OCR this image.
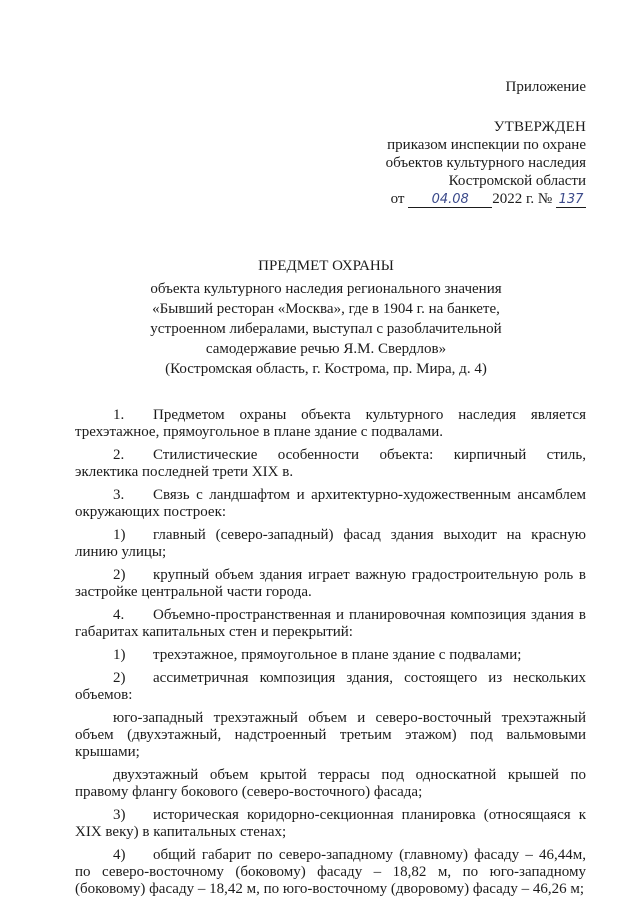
Приложение
УТВЕРЖДЕН
приказом инспекции по охране
объектов культурного наследия
Костромской области
от 04.08 2022 г. № 137
ПРЕДМЕТ ОХРАНЫ
объекта культурного наследия регионального значения
«Бывший ресторан «Москва», где в 1904 г. на банкете,
устроенном либералами, выступал с разоблачительной
самодержавие речью Я.М. Свердлов»
(Костромская область, г. Кострома, пр. Мира, д. 4)

1. Предметом охраны объекта культурного наследия является трехэтажное, прямоугольное в плане здание с подвалами.

2. Стилистические особенности объекта: кирпичный стиль, эклектика последней трети XIX в.

3. Связь с ландшафтом и архитектурно-художественным ансамблем окружающих построек:

1) главный (северо-западный) фасад здания выходит на красную линию улицы;

2) крупный объем здания играет важную градостроительную роль в застройке центральной части города.

4. Объемно-пространственная и планировочная композиция здания в габаритах капитальных стен и перекрытий:

1) трехэтажное, прямоугольное в плане здание с подвалами;

2) ассиметричная композиция здания, состоящего из нескольких объемов:

юго-западный трехэтажный объем и северо-восточный трехэтажный объем (двухэтажный, надстроенный третьим этажом) под вальмовыми крышами;

двухэтажный объем крытой террасы под односкатной крышей по правому флангу бокового (северо-восточного) фасада;

3) историческая коридорно-секционная планировка (относящаяся к XIX веку) в капитальных стенах;

4) общий габарит по северо-западному (главному) фасаду – 46,44м, по северо-восточному (боковому) фасаду – 18,82 м, по юго-западному (боковому) фасаду – 18,42 м, по юго-восточному (дворовому) фасаду – 46,26 м;
